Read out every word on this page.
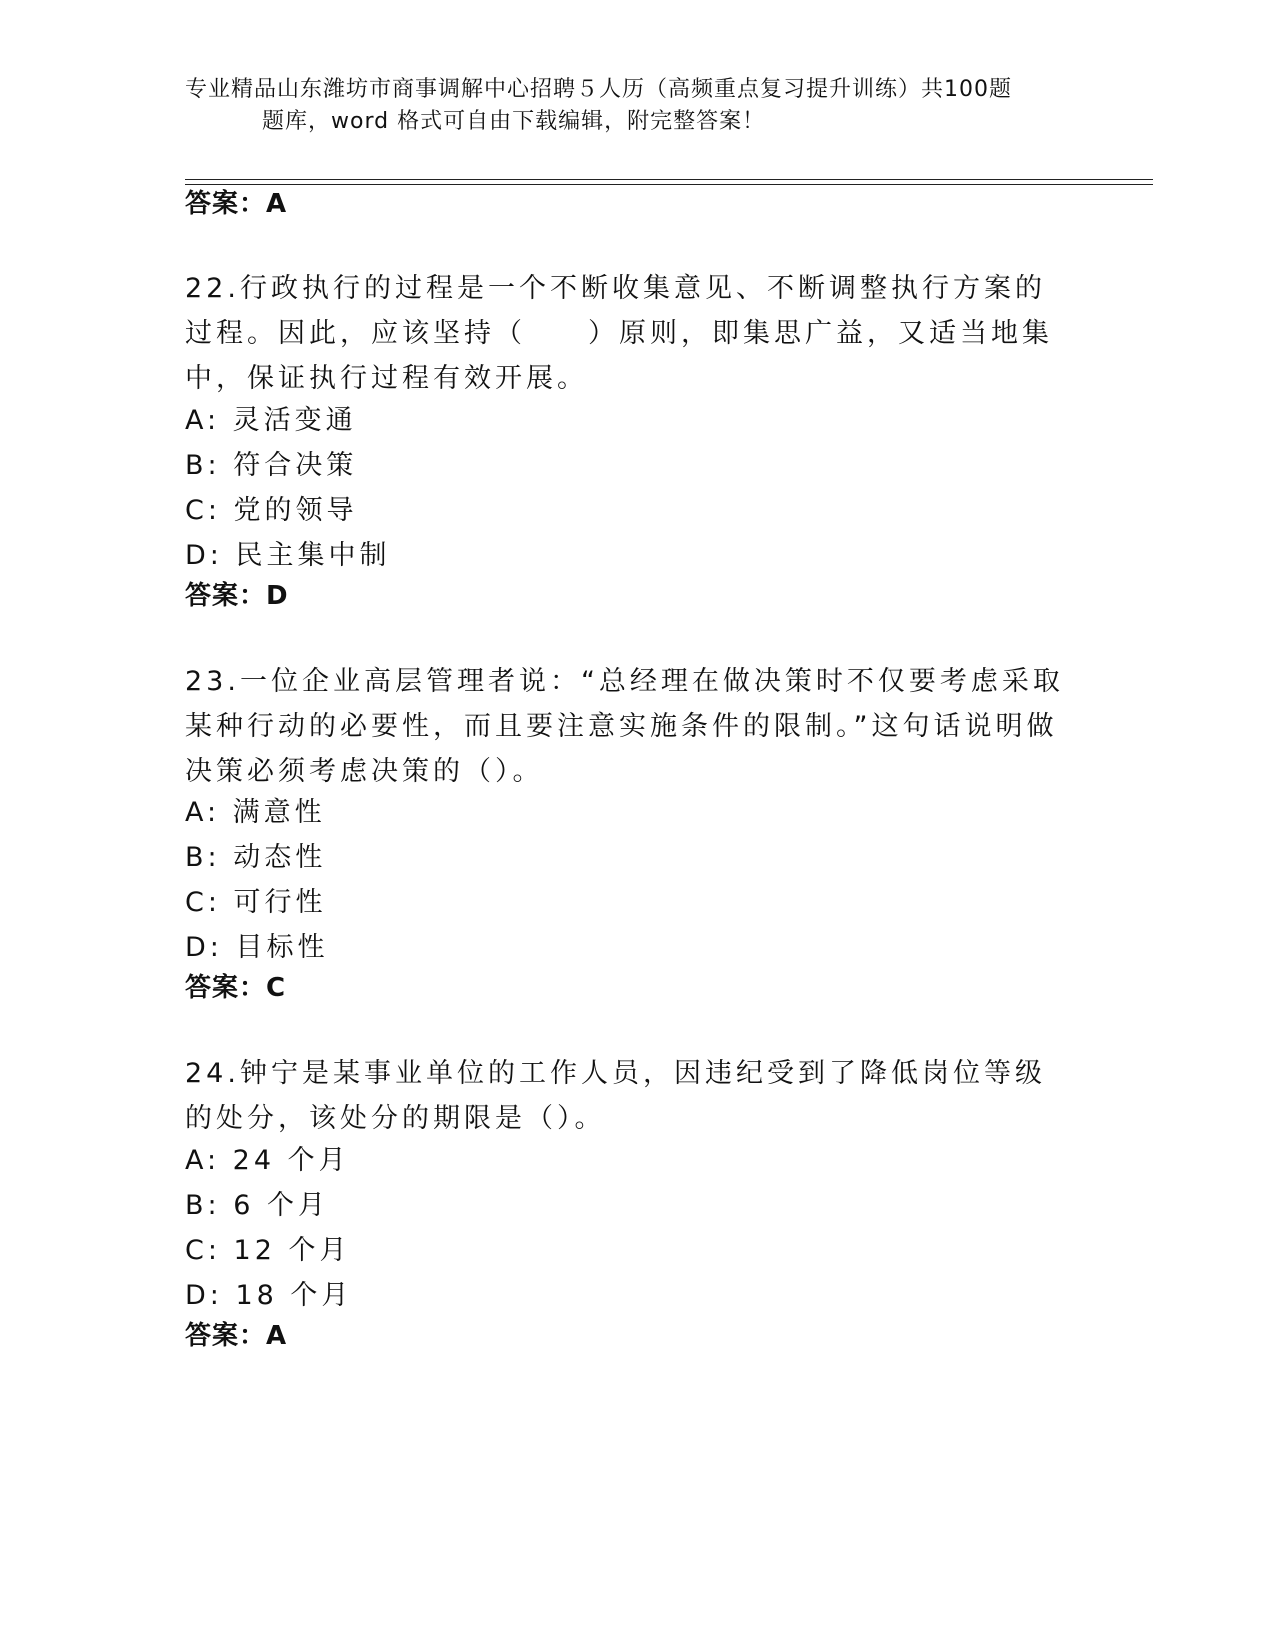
专业精品山东潍坊市商事调解中心招聘５人历（高频重点复习提升训练）共100题
题库，word 格式可自由下载编辑，附完整答案！
答案：A
22.行政执行的过程是一个不断收集意见、不断调整执行方案的过程。因此，应该坚持（　　）原则，即集思广益，又适当地集中，保证执行过程有效开展。
A: 灵活变通
B: 符合决策
C: 党的领导
D: 民主集中制
答案：D
23.一位企业高层管理者说：“总经理在做决策时不仅要考虑采取某种行动的必要性，而且要注意实施条件的限制。”这句话说明做决策必须考虑决策的（）。
A: 满意性
B: 动态性
C: 可行性
D: 目标性
答案：C
24.钟宁是某事业单位的工作人员，因违纪受到了降低岗位等级的处分，该处分的期限是（）。
A: 24 个月
B: 6 个月
C: 12 个月
D: 18 个月
答案：A
